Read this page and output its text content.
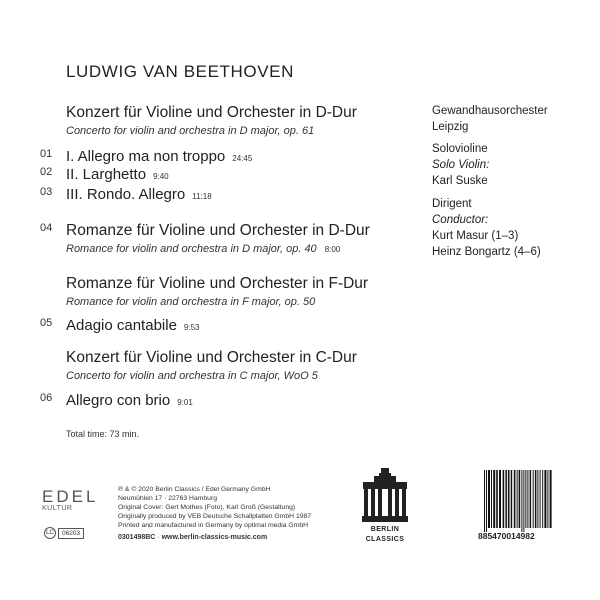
LUDWIG VAN BEETHOVEN
Konzert für Violine und Orchester in D-Dur
Concerto for violin and orchestra in D major, op. 61
01 I. Allegro ma non troppo 24:45
02 II. Larghetto 9:40
03 III. Rondo. Allegro 11:18
04 Romanze für Violine und Orchester in D-Dur
Romance for violin and orchestra in D major, op. 40 8:00
Romanze für Violine und Orchester in F-Dur
Romance for violin and orchestra in F major, op. 50
05 Adagio cantabile 9:53
Konzert für Violine und Orchester in C-Dur
Concerto for violin and orchestra in C major, WoO 5
06 Allegro con brio 9:01
Gewandhausorchester
Leipzig
Solovioline
Solo Violin:
Karl Suske
Dirigent
Conductor:
Kurt Masur (1–3)
Heinz Bongartz (4–6)
Total time: 73 min.
EDEL
KULTUR
LC	06203
℗ & © 2020 Berlin Classics / Edel Germany GmbH
Neumühlen 17 · 22763 Hamburg
Original Cover: Gert Mothes (Foto), Karl Groß (Gestaltung)
Originally produced by VEB Deutsche Schallplatten GmbH 1987
Printed and manufactured in Germany by optimal media GmbH
0301498BC · www.berlin-classics-music.com
BERLIN
CLASSICS	885470014982
